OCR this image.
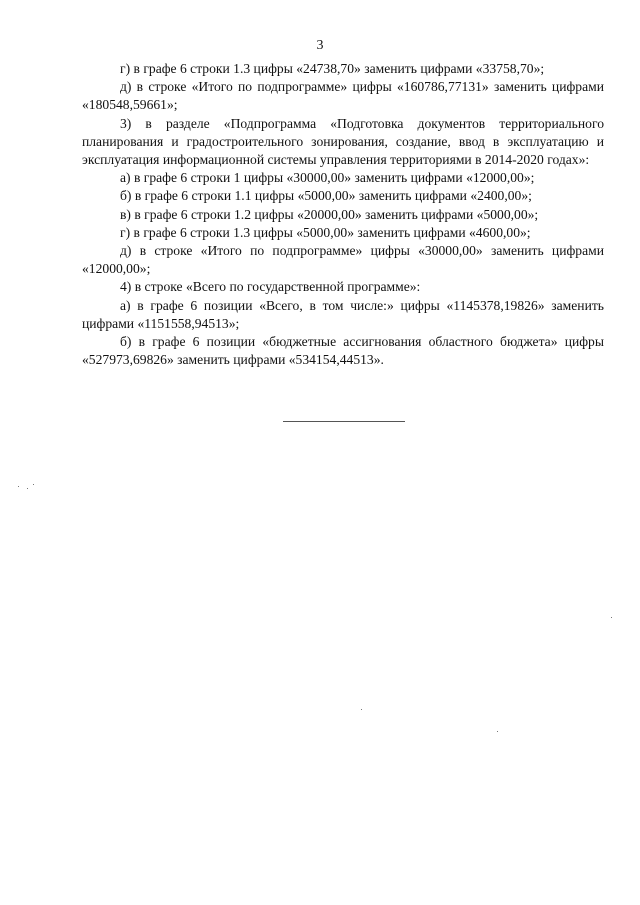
3

г) в графе 6 строки 1.3 цифры «24738,70» заменить цифрами «33758,70»;

д) в строке «Итого по подпрограмме» цифры «160786,77131» заменить цифрами «180548,59661»;

3) в разделе «Подпрограмма «Подготовка документов территориального планирования и градостроительного зонирования, создание, ввод в эксплуатацию и эксплуатация информационной системы управления территориями в 2014-2020 годах»:

а) в графе 6 строки 1 цифры «30000,00» заменить цифрами «12000,00»;

б) в графе 6 строки 1.1 цифры «5000,00» заменить цифрами «2400,00»;

в) в графе 6 строки 1.2 цифры «20000,00» заменить цифрами «5000,00»;

г) в графе 6 строки 1.3 цифры «5000,00» заменить цифрами «4600,00»;

д) в строке «Итого по подпрограмме» цифры «30000,00» заменить цифрами «12000,00»;

4) в строке «Всего по государственной программе»:

а) в графе 6 позиции «Всего, в том числе:» цифры «1145378,19826» заменить цифрами «1151558,94513»;

б) в графе 6 позиции «бюджетные ассигнования областного бюджета» цифры «527973,69826» заменить цифрами «534154,44513».
